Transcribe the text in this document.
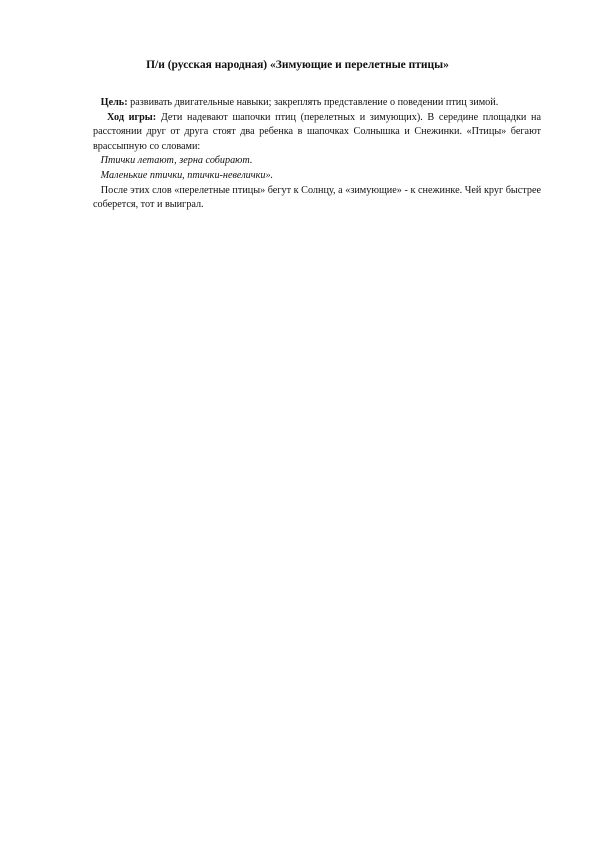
П/и (русская народная) «Зимующие и перелетные птицы»

Цель: развивать двигательные навыки; закреплять представление о поведении птиц зимой.

Ход игры: Дети надевают шапочки птиц (перелетных и зимующих). В середине площадки на расстоянии друг от друга стоят два ребенка в шапочках Солнышка и Снежинки. «Птицы» бегают врассыпную со словами:

Птички летают, зерна собирают.

Маленькие птички, птички-невелички».

После этих слов «перелетные птицы» бегут к Солнцу, а «зимующие» - к снежинке. Чей круг быстрее соберется, тот и выиграл.
